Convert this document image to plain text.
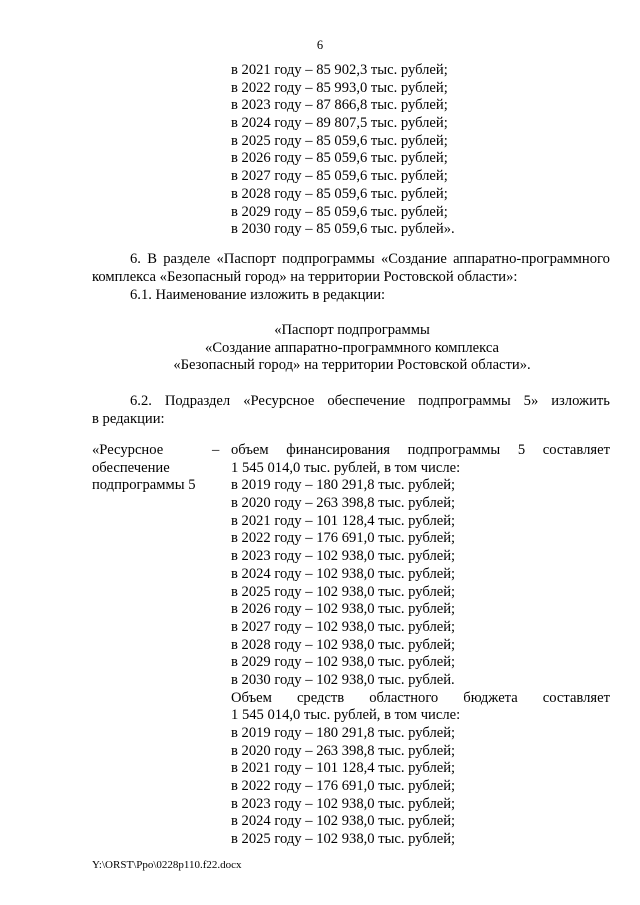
6
в 2021 году – 85 902,3 тыс. рублей;
в 2022 году – 85 993,0 тыс. рублей;
в 2023 году – 87 866,8 тыс. рублей;
в 2024 году – 89 807,5 тыс. рублей;
в 2025 году – 85 059,6 тыс. рублей;
в 2026 году – 85 059,6 тыс. рублей;
в 2027 году – 85 059,6 тыс. рублей;
в 2028 году – 85 059,6 тыс. рублей;
в 2029 году – 85 059,6 тыс. рублей;
в 2030 году – 85 059,6 тыс. рублей».
6. В разделе «Паспорт подпрограммы «Создание аппаратно-программного
комплекса «Безопасный город» на территории Ростовской области»:
6.1. Наименование изложить в редакции:
«Паспорт подпрограммы
«Создание аппаратно-программного комплекса
«Безопасный город» на территории Ростовской области».
6.2. Подраздел «Ресурсное обеспечение подпрограммы 5» изложить
в редакции:
«Ресурсное
обеспечение
подпрограммы 5
– объем финансирования подпрограммы 5 составляет
1 545 014,0 тыс. рублей, в том числе:
в 2019 году – 180 291,8 тыс. рублей;
в 2020 году – 263 398,8 тыс. рублей;
в 2021 году – 101 128,4 тыс. рублей;
в 2022 году – 176 691,0 тыс. рублей;
в 2023 году – 102 938,0 тыс. рублей;
в 2024 году – 102 938,0 тыс. рублей;
в 2025 году – 102 938,0 тыс. рублей;
в 2026 году – 102 938,0 тыс. рублей;
в 2027 году – 102 938,0 тыс. рублей;
в 2028 году – 102 938,0 тыс. рублей;
в 2029 году – 102 938,0 тыс. рублей;
в 2030 году – 102 938,0 тыс. рублей.
Объем средств областного бюджета составляет
1 545 014,0 тыс. рублей, в том числе:
в 2019 году – 180 291,8 тыс. рублей;
в 2020 году – 263 398,8 тыс. рублей;
в 2021 году – 101 128,4 тыс. рублей;
в 2022 году – 176 691,0 тыс. рублей;
в 2023 году – 102 938,0 тыс. рублей;
в 2024 году – 102 938,0 тыс. рублей;
в 2025 году – 102 938,0 тыс. рублей;
Y:\ORST\Ppo\0228p110.f22.docx
